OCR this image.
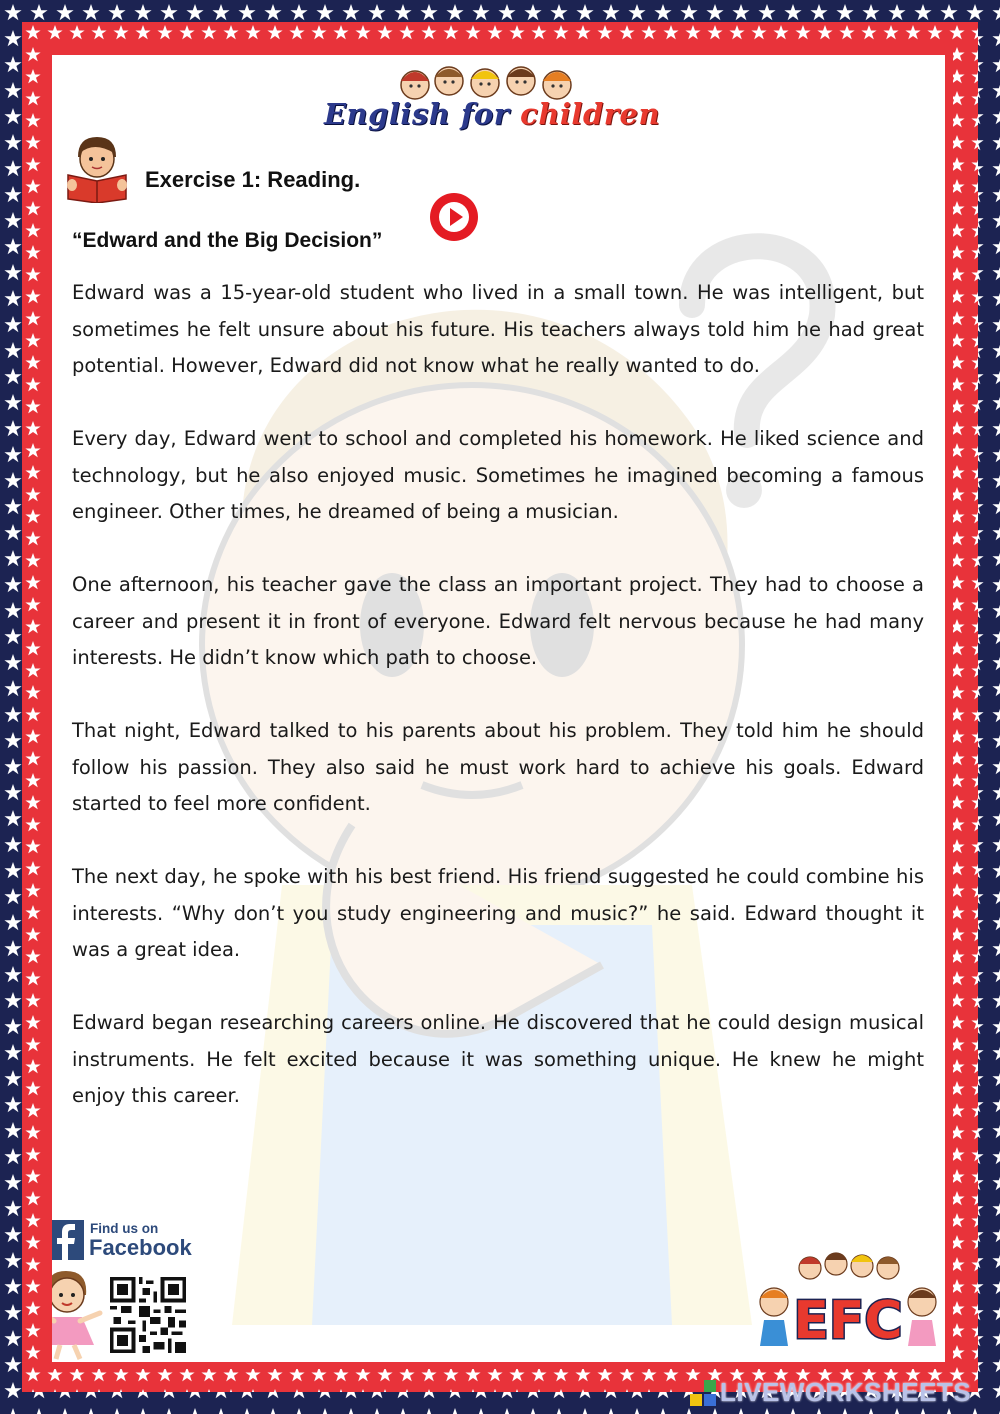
English for children
Exercise 1: Reading.
“Edward and the Big Decision”

Edward was a 15-year-old student who lived in a small town. He was intelligent, but sometimes he felt unsure about his future. His teachers always told him he had great potential. However, Edward did not know what he really wanted to do.

Every day, Edward went to school and completed his homework. He liked science and technology, but he also enjoyed music. Sometimes he imagined becoming a famous engineer. Other times, he dreamed of being a musician.

One afternoon, his teacher gave the class an important project. They had to choose a career and present it in front of everyone. Edward felt nervous because he had many interests. He didn’t know which path to choose.

That night, Edward talked to his parents about his problem. They told him he should follow his passion. They also said he must work hard to achieve his goals. Edward started to feel more confident.

The next day, he spoke with his best friend. His friend suggested he could combine his interests. “Why don’t you study engineering and music?” he said. Edward thought it was a great idea.

Edward began researching careers online. He discovered that he could design musical instruments. He felt excited because it was something unique. He knew he might enjoy this career.

Find us on
Facebook
EFC
LIVEWORKSHEETS
